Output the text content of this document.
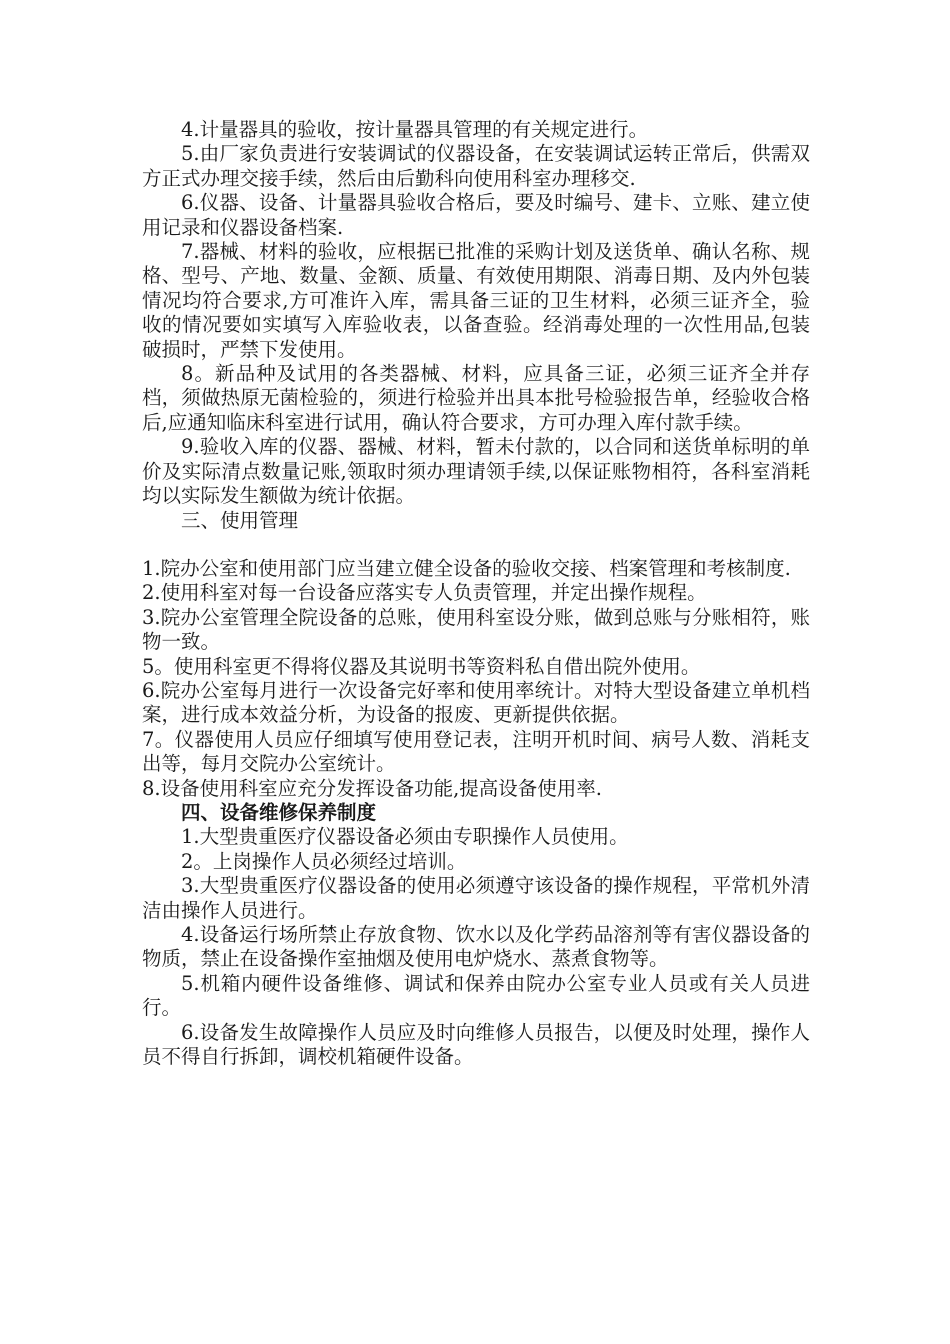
4.计量器具的验收，按计量器具管理的有关规定进行。

5.由厂家负责进行安装调试的仪器设备，在安装调试运转正常后，供需双方正式办理交接手续，然后由后勤科向使用科室办理移交.

6.仪器、设备、计量器具验收合格后，要及时编号、建卡、立账、建立使用记录和仪器设备档案.

7.器械、材料的验收，应根据已批准的采购计划及送货单、确认名称、规格、型号、产地、数量、金额、质量、有效使用期限、消毒日期、及内外包装情况均符合要求,方可准许入库，需具备三证的卫生材料，必须三证齐全，验收的情况要如实填写入库验收表，以备查验。经消毒处理的一次性用品,包装破损时，严禁下发使用。

8。新品种及试用的各类器械、材料，应具备三证，必须三证齐全并存档，须做热原无菌检验的，须进行检验并出具本批号检验报告单，经验收合格后,应通知临床科室进行试用，确认符合要求，方可办理入库付款手续。

9.验收入库的仪器、器械、材料，暂未付款的，以合同和送货单标明的单价及实际清点数量记账,领取时须办理请领手续,以保证账物相符，各科室消耗均以实际发生额做为统计依据。

三、使用管理

1.院办公室和使用部门应当建立健全设备的验收交接、档案管理和考核制度.

2.使用科室对每一台设备应落实专人负责管理，并定出操作规程。

3.院办公室管理全院设备的总账，使用科室设分账，做到总账与分账相符，账物一致。

5。使用科室更不得将仪器及其说明书等资料私自借出院外使用。

6.院办公室每月进行一次设备完好率和使用率统计。对特大型设备建立单机档案，进行成本效益分析，为设备的报废、更新提供依据。

7。仪器使用人员应仔细填写使用登记表，注明开机时间、病号人数、消耗支出等，每月交院办公室统计。

8.设备使用科室应充分发挥设备功能,提高设备使用率.

四、设备维修保养制度

1.大型贵重医疗仪器设备必须由专职操作人员使用。

2。上岗操作人员必须经过培训。

3.大型贵重医疗仪器设备的使用必须遵守该设备的操作规程，平常机外清洁由操作人员进行。

4.设备运行场所禁止存放食物、饮水以及化学药品溶剂等有害仪器设备的物质，禁止在设备操作室抽烟及使用电炉烧水、蒸煮食物等。

5.机箱内硬件设备维修、调试和保养由院办公室专业人员或有关人员进行。

6.设备发生故障操作人员应及时向维修人员报告，以便及时处理，操作人员不得自行拆卸，调校机箱硬件设备。
